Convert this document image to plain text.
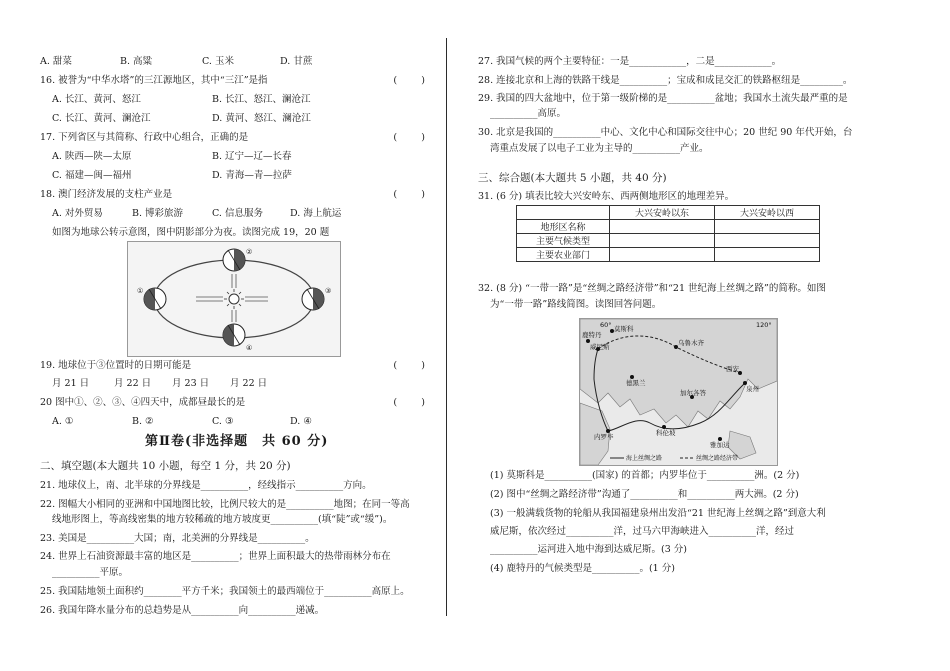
A. 甜菜	B. 高粱	C. 玉米	D. 甘蔗
16. 被誉为“中华水塔”的三江源地区，其中“三江”是指	(        )
A. 长江、黄河、怒江	B. 长江、怒江、澜沧江
C. 长江、黄河、澜沧江	D. 黄河、怒江、澜沧江
17. 下列省区与其简称、行政中心组合，正确的是	(        )
A. 陕西—陕—太原	B. 辽宁—辽—长春
C. 福建—闽—福州	D. 青海—青—拉萨
18. 澳门经济发展的支柱产业是	(        )
A. 对外贸易	B. 博彩旅游	C. 信息服务	D. 海上航运
如图为地球公转示意图，图中阴影部分为夜。读图完成 19，20 题
①
②
③
④
19. 地球位于③位置时的日期可能是	(        )
月 21 日	月 22 日 月 23 日 月 22 日
20 图中①、②、③、④四天中，成都昼最长的是	(        )
A. ①	B. ②	C. ③	D. ④
第Ⅱ卷(非选择题　共 60 分)
二、填空题(本大题共 10 小题，每空 1 分，共 20 分)
21. 地球仪上，南、北半球的分界线是__________，经线指示__________方向。
22. 图幅大小相同的亚洲和中国地图比较，比例尺较大的是__________地图；在同一等高
线地形图上，等高线密集的地方较稀疏的地方坡度更__________(填“陡”或“缓”)。
23. 美国是__________大国；南，北美洲的分界线是__________。
24. 世界上石油资源最丰富的地区是__________；世界上面积最大的热带雨林分布在
__________平原。
25. 我国陆地领土面积约________平方千米；我国领土的最西端位于__________高原上。
26. 我国年降水量分布的总趋势是从__________向__________递减。
27. 我国气候的两个主要特征：一是____________，二是____________。
28. 连接北京和上海的铁路干线是__________；宝成和成昆交汇的铁路枢纽是_________。
29. 我国的四大盆地中，位于第一级阶梯的是__________盆地；我国水土流失最严重的是
__________高原。
30. 北京是我国的__________中心、文化中心和国际交往中心；20 世纪 90 年代开始，台
湾重点发展了以电子工业为主导的__________产业。
三、综合题(本大题共 5 小题，共 40 分)
31. (6 分) 填表比较大兴安岭东、西两侧地形区的地理差异。
	大兴安岭以东	大兴安岭以西
地形区名称		
主要气候类型		
主要农业部门		
32. (8 分) “一带一路”是“丝绸之路经济带”和“21 世纪海上丝绸之路”的简称。如图
为“一带一路”路线简图。读图回答问题。
莫斯科
威尼斯	乌鲁木齐
西安
泉州
加尔各答
内罗毕	科伦坡
雅加达
鹿特丹
德黑兰
60°	120°
海上丝绸之路	丝绸之路经济带
(1) 莫斯科是__________(国家) 的首都；内罗毕位于__________洲。(2 分)
(2) 图中“丝绸之路经济带”沟通了__________和__________两大洲。(2 分)
(3) 一般满载货物的轮船从我国福建泉州出发沿“21 世纪海上丝绸之路”到意大利
威尼斯，依次经过__________洋，过马六甲海峡进入__________洋，经过
__________运河进入地中海到达威尼斯。(3 分)
(4) 鹿特丹的气候类型是__________。(1 分)
